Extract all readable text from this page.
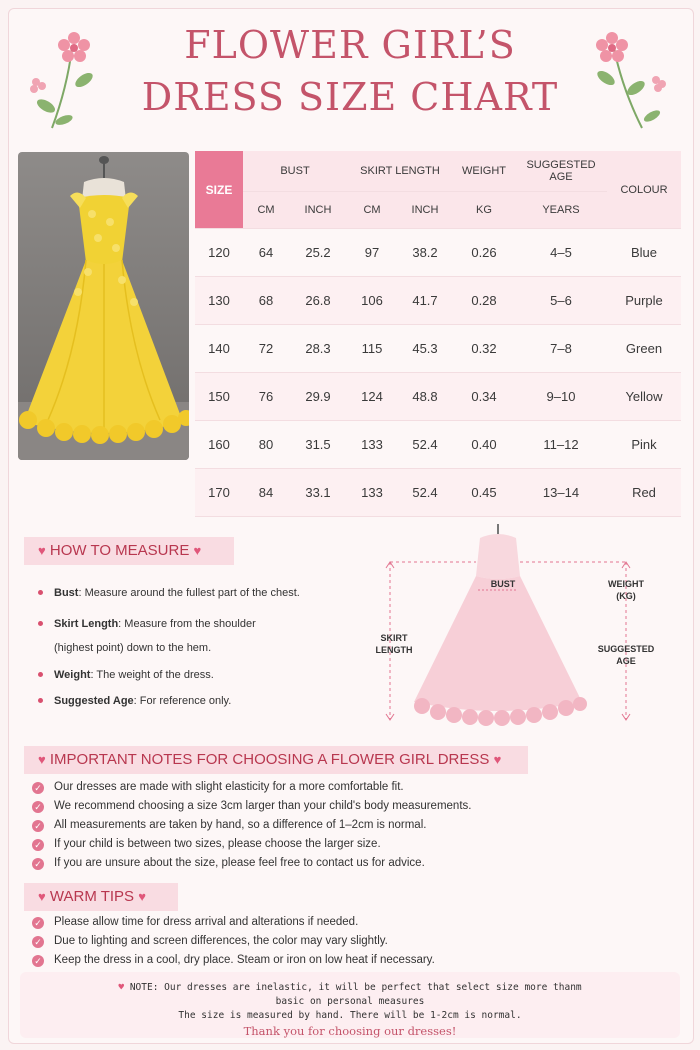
FLOWER GIRL’S
DRESS SIZE CHART
SIZE	BUST		SKIRT LENGTH		WEIGHT	SUGGESTED AGE	COLOUR
	CM	INCH	CM	INCH	KG	YEARS	
120	64	25.2	97	38.2	0.26	4–5	Blue
130	68	26.8	106	41.7	0.28	5–6	Purple
140	72	28.3	115	45.3	0.32	7–8	Green
150	76	29.9	124	48.8	0.34	9–10	Yellow
160	80	31.5	133	52.4	0.40	11–12	Pink
170	84	33.1	133	52.4	0.45	13–14	Red
♥ HOW TO MEASURE ♥
Bust: Measure around the fullest part of the chest.
Skirt Length: Measure from the shoulder
(highest point) down to the hem.
Weight: The weight of the dress.
Suggested Age: For reference only.
BUST
SKIRT
LENGTH
WEIGHT
(KG)
SUGGESTED
AGE
♥ IMPORTANT NOTES FOR CHOOSING A FLOWER GIRL DRESS ♥
✓ Our dresses are made with slight elasticity for a more comfortable fit.
✓ We recommend choosing a size 3cm larger than your child's body measurements.
✓ All measurements are taken by hand, so a difference of 1–2cm is normal.
✓ If your child is between two sizes, please choose the larger size.
✓ If you are unsure about the size, please feel free to contact us for advice.
♥ WARM TIPS ♥
✓ Please allow time for dress arrival and alterations if needed.
✓ Due to lighting and screen differences, the color may vary slightly.
✓ Keep the dress in a cool, dry place. Steam or iron on low heat if necessary.
♥ NOTE: Our dresses are inelastic, it will be perfect that select size more thanm
basic on personal measures
The size is measured by hand. There will be 1-2cm is normal.
Thank you for choosing our dresses!
